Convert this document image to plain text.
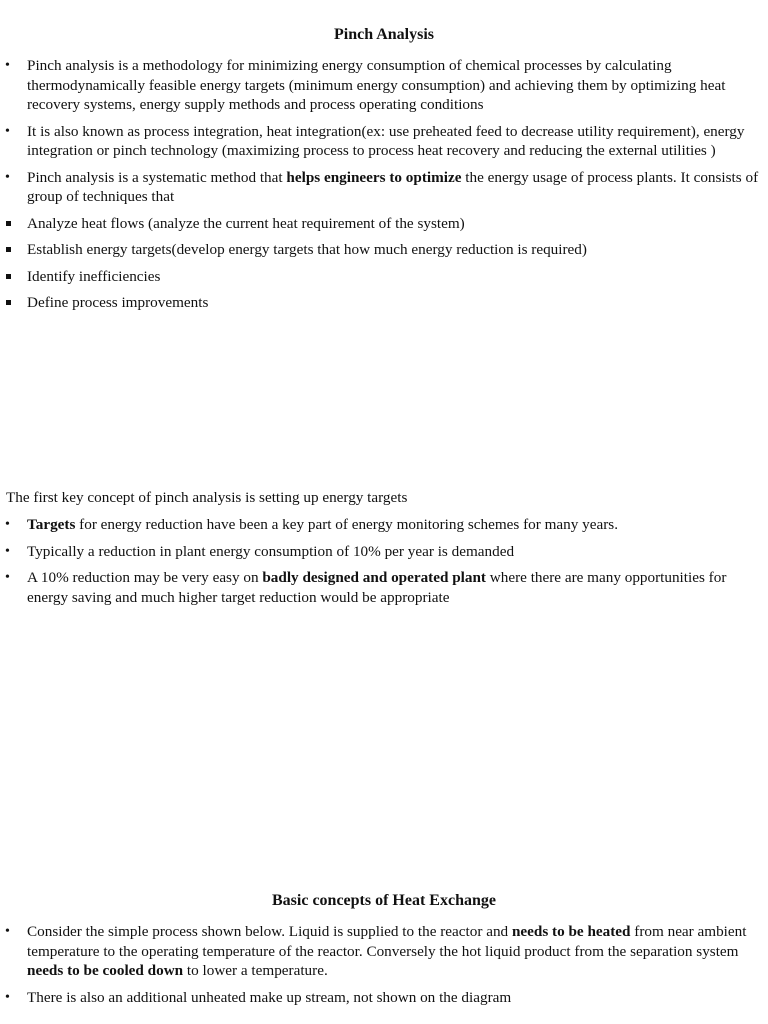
Pinch Analysis
•
Pinch analysis is a methodology for minimizing energy consumption of chemical processes by calculating thermodynamically feasible energy targets (minimum energy consumption) and achieving them by optimizing heat recovery systems, energy supply methods and process operating conditions
•
It is also known as process integration, heat integration(ex: use preheated feed to decrease utility requirement), energy integration or pinch technology (maximizing process to process heat recovery and reducing the external utilities )
•
Pinch analysis is a systematic method that helps engineers to optimize the energy usage of process plants. It consists of group of techniques that
Analyze heat flows (analyze the current heat requirement of the system)
Establish energy targets(develop energy targets that how much energy reduction is required)
Identify inefficiencies
Define process improvements

The first key concept of pinch analysis is setting up energy targets

•
Targets for energy reduction have been a key part of energy monitoring schemes for many years.
•
Typically a reduction in plant energy consumption of 10% per year is demanded
•
A 10% reduction may be very easy on badly designed and operated plant where there are many opportunities for energy saving and much higher target reduction would be appropriate
Basic concepts of Heat Exchange
•
Consider the simple process shown below. Liquid is supplied to the reactor and needs to be heated from near ambient temperature to the operating temperature of the reactor. Conversely the hot liquid product from the separation system needs to be cooled down to lower a temperature.
•
There is also an additional unheated make up stream, not shown on the diagram
